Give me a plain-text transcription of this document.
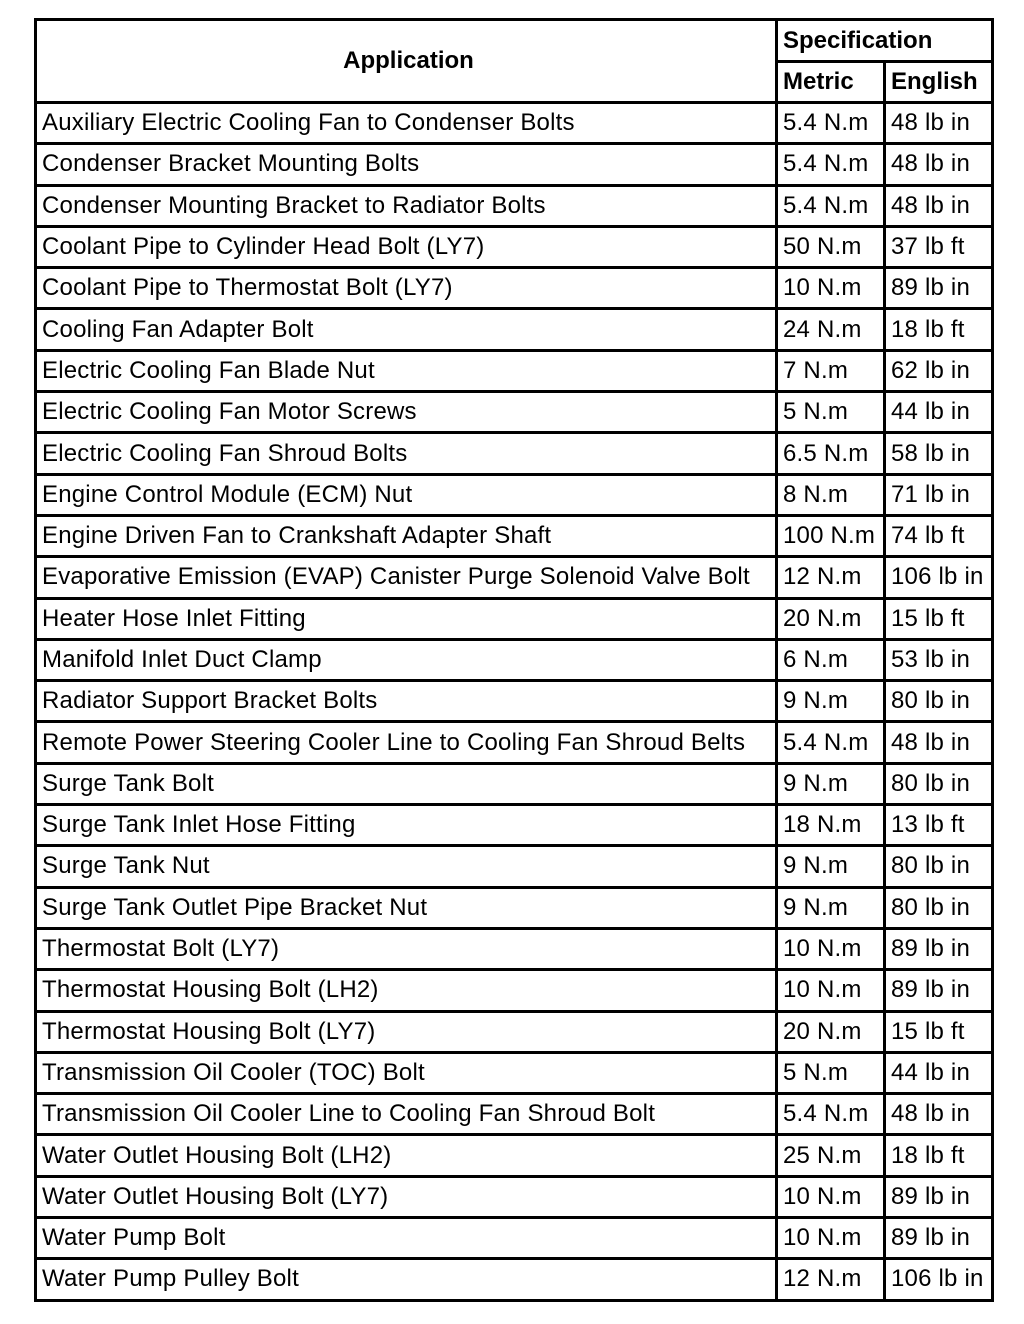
Application	Specification	
	Metric	English
Auxiliary Electric Cooling Fan to Condenser Bolts	5.4 N.m	48 lb in
Condenser Bracket Mounting Bolts	5.4 N.m	48 lb in
Condenser Mounting Bracket to Radiator Bolts	5.4 N.m	48 lb in
Coolant Pipe to Cylinder Head Bolt (LY7)	50 N.m	37 lb ft
Coolant Pipe to Thermostat Bolt (LY7)	10 N.m	89 lb in
Cooling Fan Adapter Bolt	24 N.m	18 lb ft
Electric Cooling Fan Blade Nut	7 N.m	62 lb in
Electric Cooling Fan Motor Screws	5 N.m	44 lb in
Electric Cooling Fan Shroud Bolts	6.5 N.m	58 lb in
Engine Control Module (ECM) Nut	8 N.m	71 lb in
Engine Driven Fan to Crankshaft Adapter Shaft	100 N.m	74 lb ft
Evaporative Emission (EVAP) Canister Purge Solenoid Valve Bolt	12 N.m	106 lb in
Heater Hose Inlet Fitting	20 N.m	15 lb ft
Manifold Inlet Duct Clamp	6 N.m	53 lb in
Radiator Support Bracket Bolts	9 N.m	80 lb in
Remote Power Steering Cooler Line to Cooling Fan Shroud Belts	5.4 N.m	48 lb in
Surge Tank Bolt	9 N.m	80 lb in
Surge Tank Inlet Hose Fitting	18 N.m	13 lb ft
Surge Tank Nut	9 N.m	80 lb in
Surge Tank Outlet Pipe Bracket Nut	9 N.m	80 lb in
Thermostat Bolt (LY7)	10 N.m	89 lb in
Thermostat Housing Bolt (LH2)	10 N.m	89 lb in
Thermostat Housing Bolt (LY7)	20 N.m	15 lb ft
Transmission Oil Cooler (TOC) Bolt	5 N.m	44 lb in
Transmission Oil Cooler Line to Cooling Fan Shroud Bolt	5.4 N.m	48 lb in
Water Outlet Housing Bolt (LH2)	25 N.m	18 lb ft
Water Outlet Housing Bolt (LY7)	10 N.m	89 lb in
Water Pump Bolt	10 N.m	89 lb in
Water Pump Pulley Bolt	12 N.m	106 lb in
